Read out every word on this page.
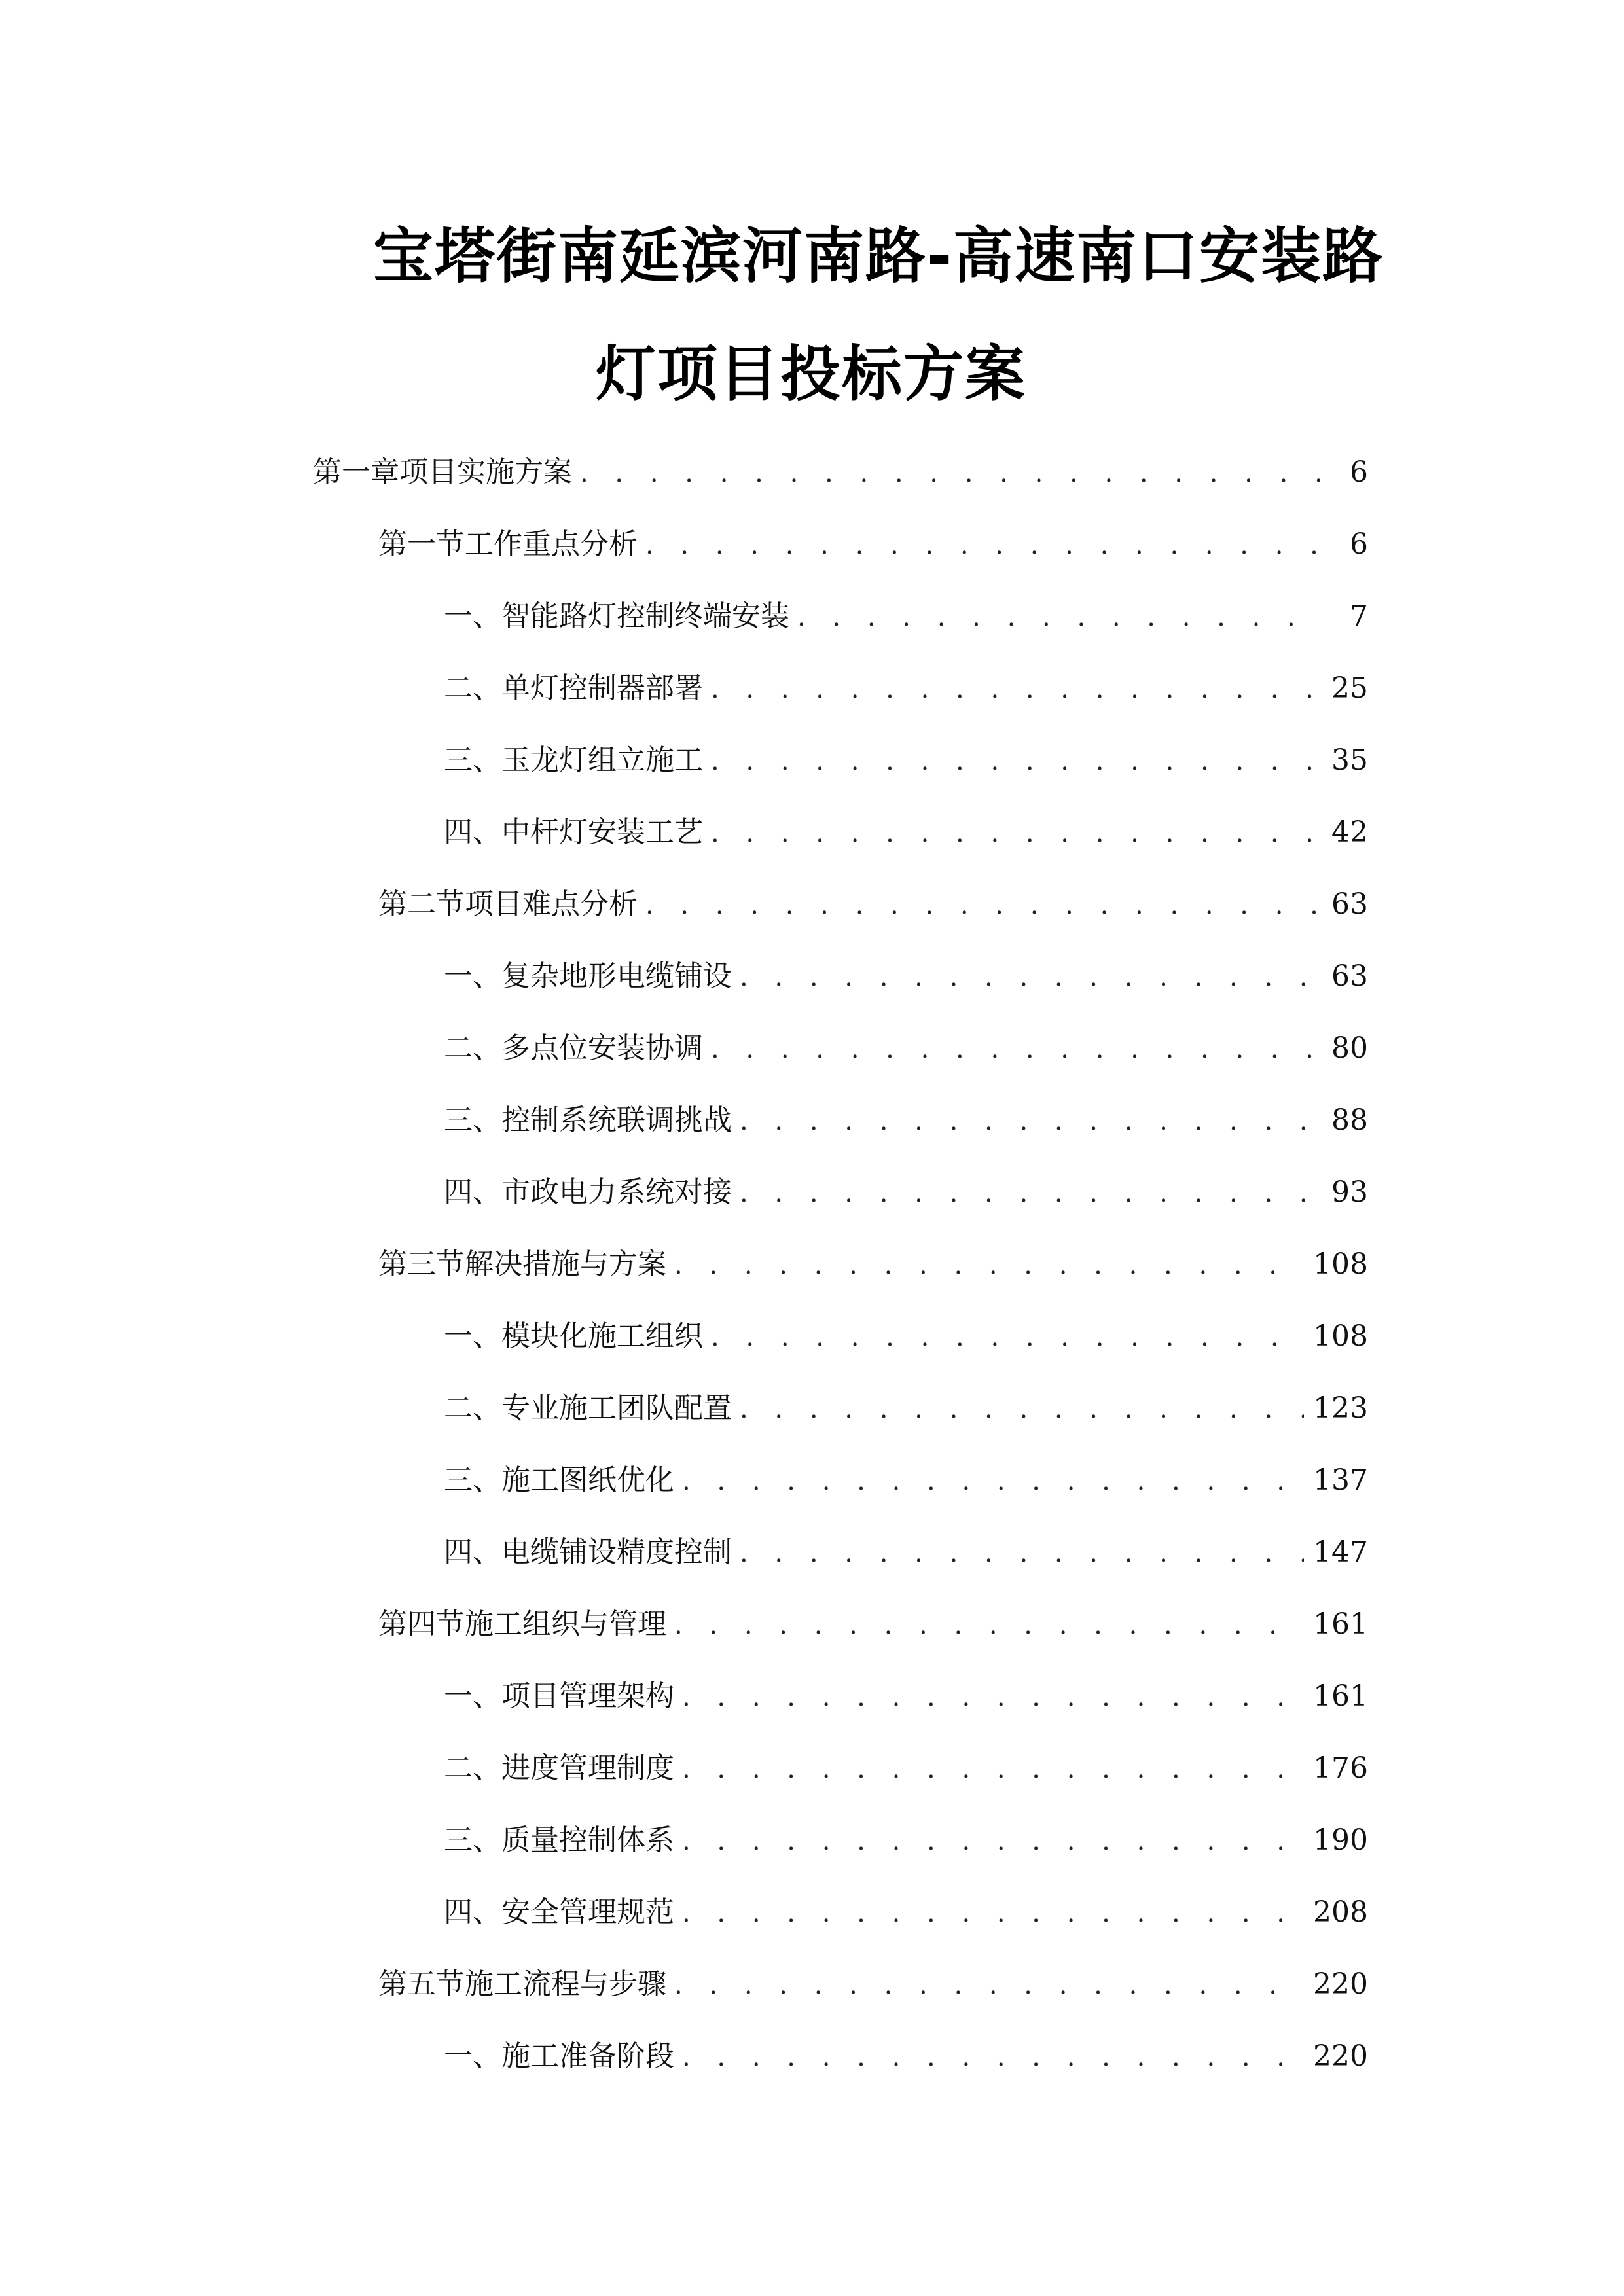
宝塔街南延滨河南路-高速南口安装路
灯项目投标方案
第一章 项目实施方案 . . .	6
第一节 工作重点分析 . . .	6
一、 智能路灯控制终端安装 . . .	7
二、 单灯控制器部署 . . .	25
三、 玉龙灯组立施工 . . .	35
四、 中杆灯安装工艺 . . .	42
第二节 项目难点分析 . . .	63
一、 复杂地形电缆铺设 . . .	63
二、 多点位安装协调 . . .	80
三、 控制系统联调挑战 . . .	88
四、 市政电力系统对接 . . .	93
第三节 解决措施与方案 . . .	108
一、 模块化施工组织 . . .	108
二、 专业施工团队配置 . . .	123
三、 施工图纸优化 . . .	137
四、 电缆铺设精度控制 . . .	147
第四节 施工组织与管理 . . .	161
一、 项目管理架构 . . .	161
二、 进度管理制度 . . .	176
三、 质量控制体系 . . .	190
四、 安全管理规范 . . .	208
第五节 施工流程与步骤 . . .	220
一、 施工准备阶段 . . .	220
